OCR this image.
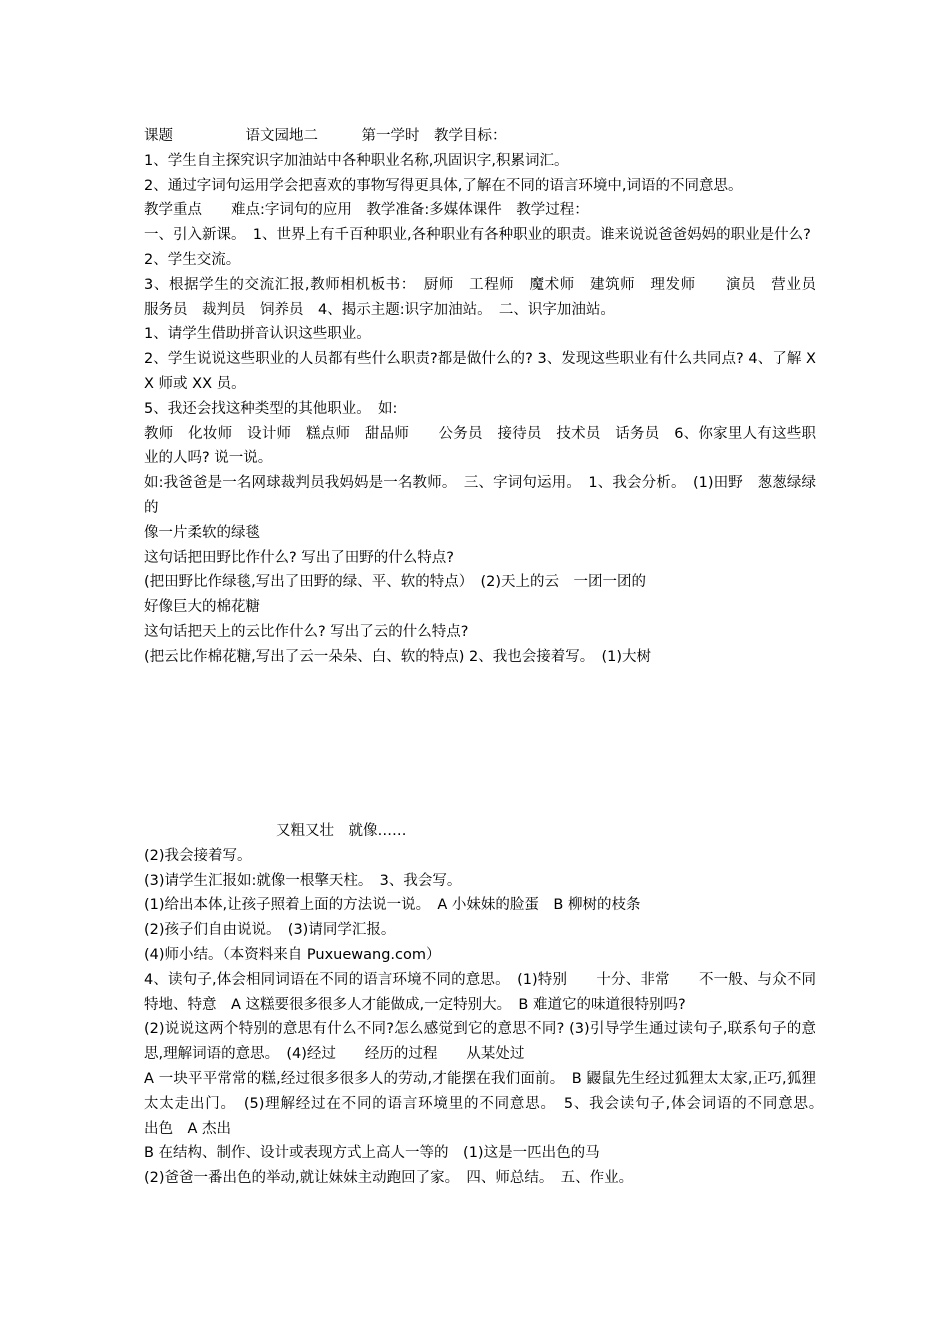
课题　　　　　语文园地二　　　第一学时　教学目标：
1、学生自主探究识字加油站中各种职业名称,巩固识字,积累词汇。
2、通过字词句运用学会把喜欢的事物写得更具体,了解在不同的语言环境中,词语的不同意思。
教学重点　　难点:字词句的应用　教学准备:多媒体课件　教学过程：
一、引入新课。　1、世界上有千百种职业,各种职业有各种职业的职责。谁来说说爸爸妈妈的职业是什么?
2、学生交流。
3、根据学生的交流汇报,教师相机板书：　厨师　工程师　魔术师　建筑师　理发师　　演员　营业员　服务员　裁判员　饲养员　4、揭示主题:识字加油站。　二、识字加油站。
1、请学生借助拼音认识这些职业。
2、学生说说这些职业的人员都有些什么职责?都是做什么的? 3、发现这些职业有什么共同点? 4、了解 XX 师或 XX 员。
5、我还会找这种类型的其他职业。　如:
教师　化妆师　设计师　糕点师　甜品师　　公务员　接待员　技术员　话务员　6、你家里人有这些职业的人吗? 说一说。
如:我爸爸是一名网球裁判员我妈妈是一名教师。　三、字词句运用。　1、我会分析。　(1)田野　葱葱绿绿的
像一片柔软的绿毯
这句话把田野比作什么? 写出了田野的什么特点?
(把田野比作绿毯,写出了田野的绿、平、软的特点）　(2)天上的云　一团一团的
好像巨大的棉花糖
这句话把天上的云比作什么? 写出了云的什么特点?
(把云比作棉花糖,写出了云一朵朵、白、软的特点) 2、我也会接着写。　(1)大树
又粗又壮　就像……
(2)我会接着写。
(3)请学生汇报如:就像一根擎天柱。　3、我会写。
(1)给出本体,让孩子照着上面的方法说一说。　A 小妹妹的脸蛋　B 柳树的枝条
(2)孩子们自由说说。　(3)请同学汇报。
(4)师小结。（本资料来自 Puxuewang.com）
4、读句子,体会相同词语在不同的语言环境不同的意思。　(1)特别　　十分、非常　　不一般、与众不同　　　特地、特意　A 这糕要很多很多人才能做成,一定特别大。　B 难道它的味道很特别吗?
(2)说说这两个特别的意思有什么不同?怎么感觉到它的意思不同? (3)引导学生通过读句子,联系句子的意思,理解词语的意思。　(4)经过　　经历的过程　　从某处过
A 一块平平常常的糕,经过很多很多人的劳动,才能摆在我们面前。　B 鼹鼠先生经过狐狸太太家,正巧,狐狸太太走出门。　(5)理解经过在不同的语言环境里的不同意思。　5、我会读句子,体会词语的不同意思。　　出色　A 杰出
B 在结构、制作、设计或表现方式上高人一等的　(1)这是一匹出色的马
(2)爸爸一番出色的举动,就让妹妹主动跑回了家。　四、师总结。　五、作业。
